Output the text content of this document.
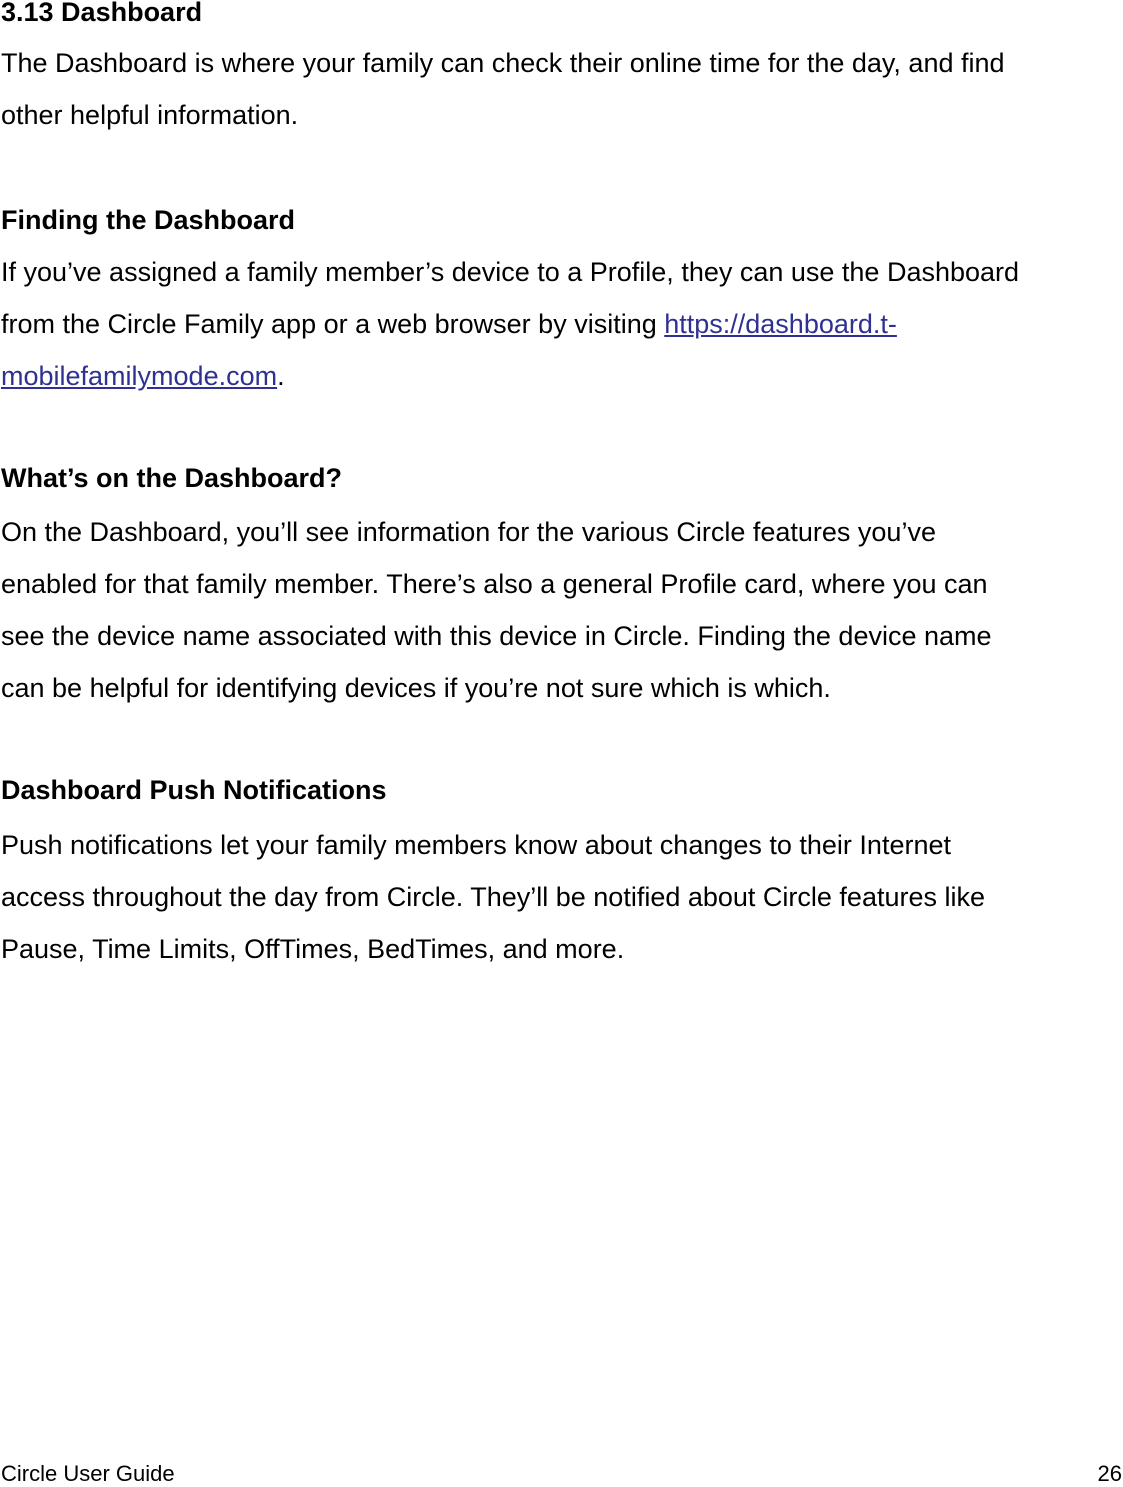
3.13 Dashboard
The Dashboard is where your family can check their online time for the day, and find
other helpful information.
Finding the Dashboard
If you’ve assigned a family member’s device to a Profile, they can use the Dashboard
from the Circle Family app or a web browser by visiting https://dashboard.t-
mobilefamilymode.com.
What’s on the Dashboard?
On the Dashboard, you’ll see information for the various Circle features you’ve
enabled for that family member. There’s also a general Profile card, where you can
see the device name associated with this device in Circle. Finding the device name
can be helpful for identifying devices if you’re not sure which is which.
Dashboard Push Notifications
Push notifications let your family members know about changes to their Internet
access throughout the day from Circle. They’ll be notified about Circle features like
Pause, Time Limits, OffTimes, BedTimes, and more.
Circle User Guide	26
